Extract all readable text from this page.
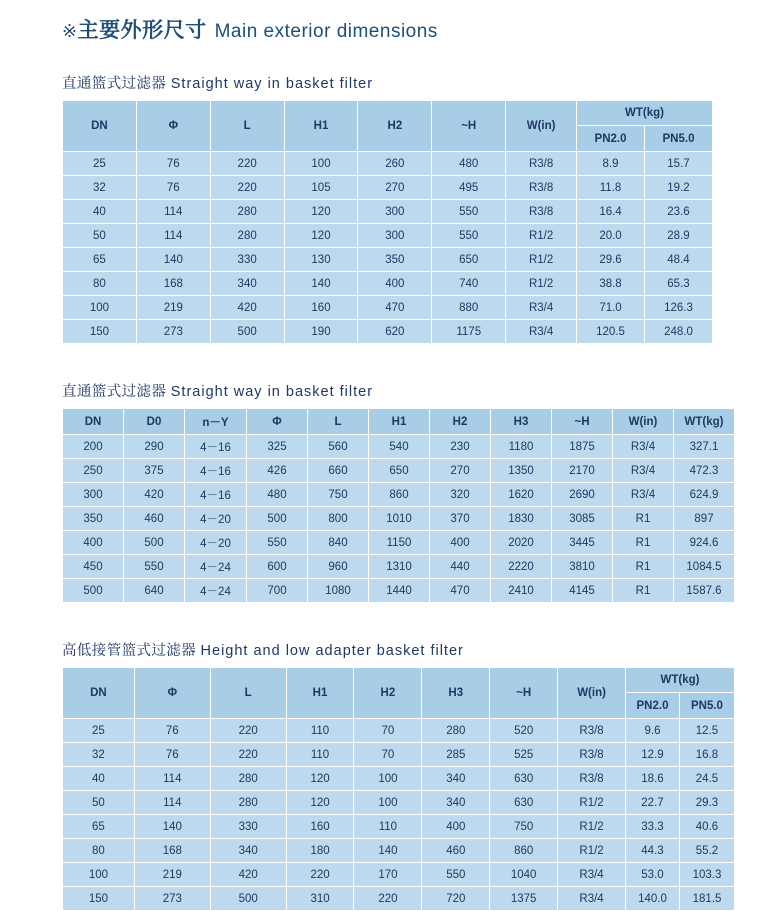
※主要外形尺寸 Main exterior dimensions
直通篮式过滤器 Straight way in basket filter
DN	Φ	L	H1	H2	~H	W(in)	WT(kg)	
							PN2.0	PN5.0
25	76	220	100	260	480	R3/8	8.9	15.7
32	76	220	105	270	495	R3/8	11.8	19.2
40	114	280	120	300	550	R3/8	16.4	23.6
50	114	280	120	300	550	R1/2	20.0	28.9
65	140	330	130	350	650	R1/2	29.6	48.4
80	168	340	140	400	740	R1/2	38.8	65.3
100	219	420	160	470	880	R3/4	71.0	126.3
150	273	500	190	620	1175	R3/4	120.5	248.0
直通篮式过滤器 Straight way in basket filter
DN	D0	n－Y	Φ	L	H1	H2	H3	~H	W(in)	WT(kg)
200	290	4－16	325	560	540	230	1180	1875	R3/4	327.1
250	375	4－16	426	660	650	270	1350	2170	R3/4	472.3
300	420	4－16	480	750	860	320	1620	2690	R3/4	624.9
350	460	4－20	500	800	1010	370	1830	3085	R1	897
400	500	4－20	550	840	1150	400	2020	3445	R1	924.6
450	550	4－24	600	960	1310	440	2220	3810	R1	1084.5
500	640	4－24	700	1080	1440	470	2410	4145	R1	1587.6
高低接管篮式过滤器 Height and low adapter basket filter
DN	Φ	L	H1	H2	H3	~H	W(in)	WT(kg)	
								PN2.0	PN5.0
25	76	220	110	70	280	520	R3/8	9.6	12.5
32	76	220	110	70	285	525	R3/8	12.9	16.8
40	114	280	120	100	340	630	R3/8	18.6	24.5
50	114	280	120	100	340	630	R1/2	22.7	29.3
65	140	330	160	110	400	750	R1/2	33.3	40.6
80	168	340	180	140	460	860	R1/2	44.3	55.2
100	219	420	220	170	550	1040	R3/4	53.0	103.3
150	273	500	310	220	720	1375	R3/4	140.0	181.5
